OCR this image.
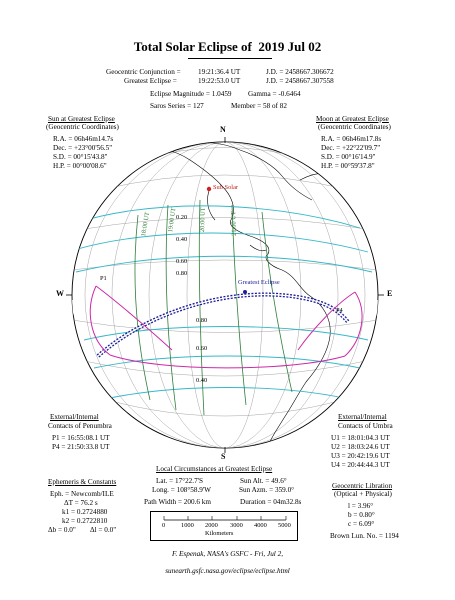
Total Solar Eclipse of  2019 Jul 02
Geocentric Conjunction = 19:21:36.4 UT	J.D. = 2458667.306672
Greatest Eclipse =	19:22:53.0 UT	J.D. = 2458667.307558
Eclipse Magnitude = 1.0459 Gamma = -0.6464
Saros Series = 127	Member = 58 of 82
Sun at Greatest Eclipse
(Geocentric Coordinates)
R.A. = 06h46m14.7s
Dec. = +23°00'56.5"
S.D. = 00°15'43.8"
H.P. = 00°00'08.6"
Moon at Greatest Eclipse
(Geocentric Coordinates)
R.A. = 06h46m17.8s
Dec. = +22°22'09.7"
S.D. = 00°16'14.9"
H.P. = 00°59'37.8"
N
S
W	E
Sub Solar
Greatest Eclipse
P1
P4
0.20
0.40
0.60
0.80
0.80
0.60
0.40
18:00 UT 19:00 UT	20:00 UT	21:00 UT
External/Internal
Contacts of Penumbra
P1 = 16:55:08.1 UT
P4 = 21:50:33.8 UT
External/Internal
Contacts of Umbra
U1 = 18:01:04.3 UT
U2 = 18:03:24.6 UT
U3 = 20:42:19.6 UT
U4 = 20:44:44.3 UT
Local Circumstances at Greatest Eclipse
Lat. = 17°22.7'S
Long. = 108°58.9'W
Sun Alt. = 49.6°
Sun Azm. = 359.0°
Path Width = 200.6 km	Duration = 04m32.8s
Ephemeris & Constants
Eph. = Newcomb/ILE
ΔT = 76.2 s
k1 = 0.2724880
k2 = 0.2722810
Δb = 0.0" Δl = 0.0"
Geocentric Libration
(Optical + Physical)
l = 3.96°
b = 0.80°
c = 6.09°
Brown Lun. No. = 1194
0 1000 2000 3000 4000 5000
Kilometers
F. Espenak, NASA's GSFC - Fri, Jul 2,
sunearth.gsfc.nasa.gov/eclipse/eclipse.html
